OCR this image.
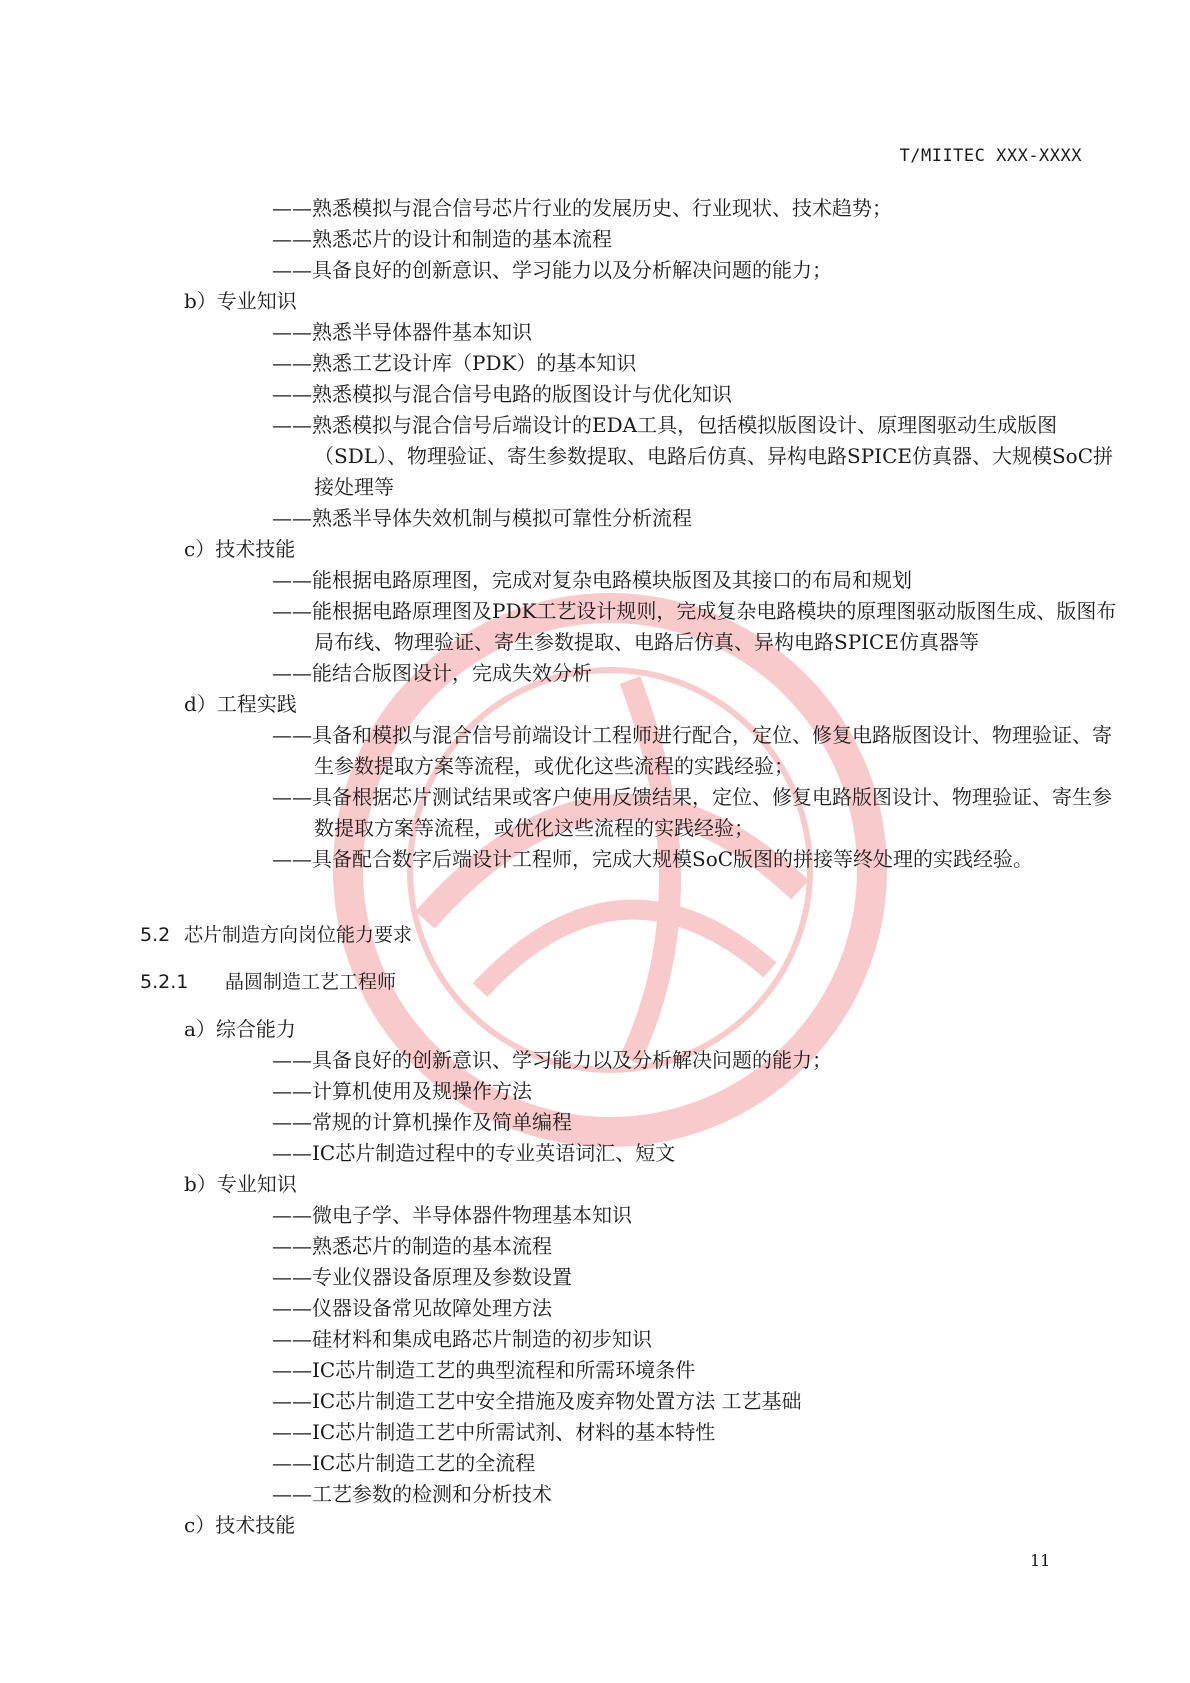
T/MIITEC XXX-XXXX
——熟悉模拟与混合信号芯片行业的发展历史、行业现状、技术趋势；
——熟悉芯片的设计和制造的基本流程
——具备良好的创新意识、学习能力以及分析解决问题的能力；
b）专业知识
——熟悉半导体器件基本知识
——熟悉工艺设计库（PDK）的基本知识
——熟悉模拟与混合信号电路的版图设计与优化知识
——熟悉模拟与混合信号后端设计的EDA工具，包括模拟版图设计、原理图驱动生成版图（SDL）、物理验证、寄生参数提取、电路后仿真、异构电路SPICE仿真器、大规模SoC拼接处理等
——熟悉半导体失效机制与模拟可靠性分析流程
c）技术技能
——能根据电路原理图，完成对复杂电路模块版图及其接口的布局和规划
——能根据电路原理图及PDK工艺设计规则，完成复杂电路模块的原理图驱动版图生成、版图布局布线、物理验证、寄生参数提取、电路后仿真、异构电路SPICE仿真器等
——能结合版图设计，完成失效分析
d）工程实践
——具备和模拟与混合信号前端设计工程师进行配合，定位、修复电路版图设计、物理验证、寄生参数提取方案等流程，或优化这些流程的实践经验；
——具备根据芯片测试结果或客户使用反馈结果，定位、修复电路版图设计、物理验证、寄生参数提取方案等流程，或优化这些流程的实践经验；
——具备配合数字后端设计工程师，完成大规模SoC版图的拼接等终处理的实践经验。
5.2 芯片制造方向岗位能力要求
5.2.1 晶圆制造工艺工程师
a）综合能力
——具备良好的创新意识、学习能力以及分析解决问题的能力；
——计算机使用及规操作方法
——常规的计算机操作及简单编程
——IC芯片制造过程中的专业英语词汇、短文
b）专业知识
——微电子学、半导体器件物理基本知识
——熟悉芯片的制造的基本流程
——专业仪器设备原理及参数设置
——仪器设备常见故障处理方法
——硅材料和集成电路芯片制造的初步知识
——IC芯片制造工艺的典型流程和所需环境条件
——IC芯片制造工艺中安全措施及废弃物处置方法 工艺基础
——IC芯片制造工艺中所需试剂、材料的基本特性
——IC芯片制造工艺的全流程
——工艺参数的检测和分析技术
c）技术技能
11
